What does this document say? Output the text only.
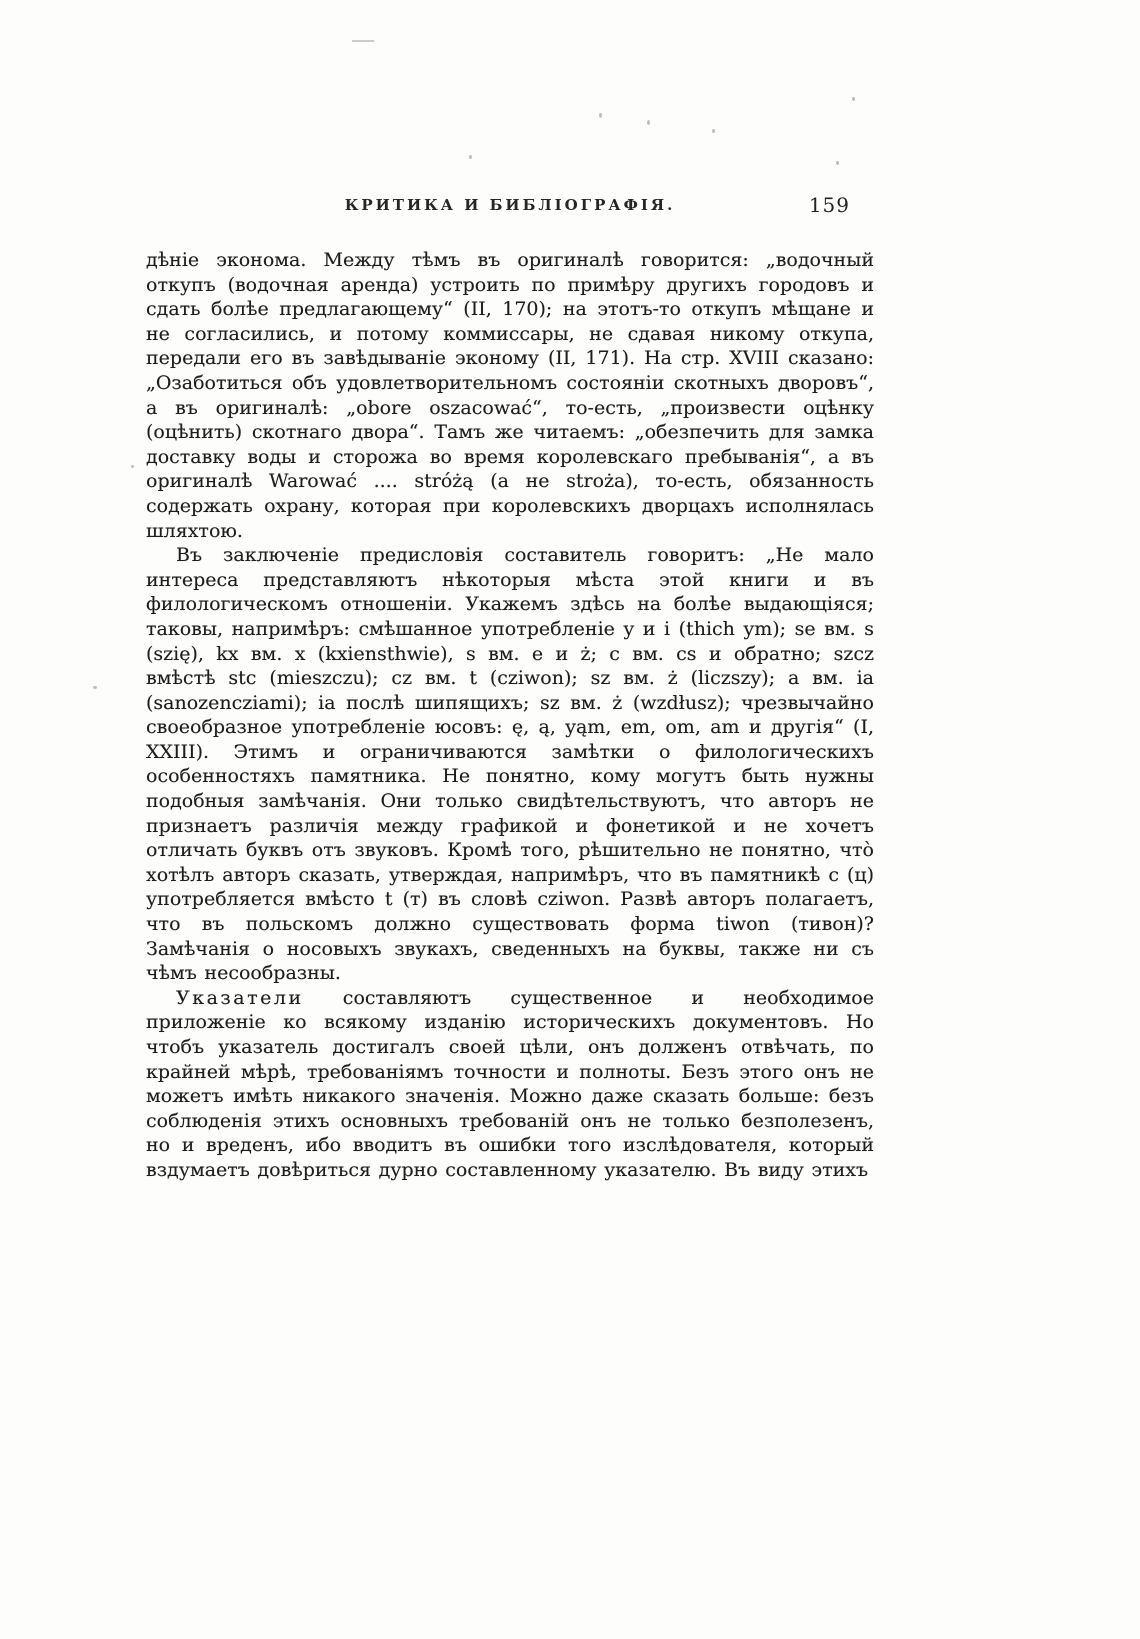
КРИТИКА И БИБЛІОГРАФІЯ.	159

дѣніе эконома. Между тѣмъ въ оригиналѣ говорится: „водочный откупъ (водочная аренда) устроить по примѣру другихъ городовъ и сдать болѣе предлагающему“ (II, 170); на этотъ-то откупъ мѣщане и не согласились, и потому коммиссары, не сдавая никому откупа, передали его въ завѣдываніе эконому (II, 171). На стр. XVIII сказано: „Озаботиться объ удовлетворительномъ состояніи скотныхъ дворовъ“, а въ оригиналѣ: „obore oszacować“, то-есть, „произвести оцѣнку (оцѣнить) скотнаго двора“. Тамъ же читаемъ: „обезпечить для замка доставку воды и сторожа во время королевскаго пребыванія“, а въ оригиналѣ Warować .... stróżą (а не stroża), то-есть, обязанность содержать охрану, которая при королевскихъ дворцахъ исполнялась шляхтою.

Въ заключеніе предисловія составитель говоритъ: „Не мало интереса представляютъ нѣкоторыя мѣста этой книги и въ филологическомъ отношеніи. Укажемъ здѣсь на болѣе выдающіяся; таковы, напримѣръ: смѣшанное употребленіе y и i (thich ym); se вм. s (szię), kx вм. x (kxiensthwie), s вм. e и ż; c вм. cs и обратно; szcz вмѣстѣ stc (mieszczu); cz вм. t (cziwon); sz вм. ż (liczszy); а вм. ia (sanozencziami); ia послѣ шипящихъ; sz вм. ż (wzdłusz); чрезвычайно своеобразное употребленіе юсовъ: ę, ą, yąm, em, om, am и другія“ (I, XXIII). Этимъ и ограничиваются замѣтки о филологическихъ особенностяхъ памятника. Не понятно, кому могутъ быть нужны подобныя замѣчанія. Они только свидѣтельствуютъ, что авторъ не признаетъ различія между графикой и фонетикой и не хочетъ отличать буквъ отъ звуковъ. Кромѣ того, рѣшительно не понятно, что̀ хотѣлъ авторъ сказать, утверждая, напримѣръ, что въ памятникѣ c (ц) употребляется вмѣсто t (т) въ словѣ cziwon. Развѣ авторъ полагаетъ, что въ польскомъ должно существовать форма tiwon (тивон)? Замѣчанія о носовыхъ звукахъ, сведенныхъ на буквы, также ни съ чѣмъ несообразны.

Указатели составляютъ существенное и необходимое приложеніе ко всякому изданію историческихъ документовъ. Но чтобъ указатель достигалъ своей цѣли, онъ долженъ отвѣчать, по крайней мѣрѣ, требованіямъ точности и полноты. Безъ этого онъ не можетъ имѣть никакого значенія. Можно даже сказать больше: безъ соблюденія этихъ основныхъ требованій онъ не только безполезенъ, но и вреденъ, ибо вводитъ въ ошибки того изслѣдователя, который вздумаетъ довѣриться дурно составленному указателю. Въ виду этихъ
